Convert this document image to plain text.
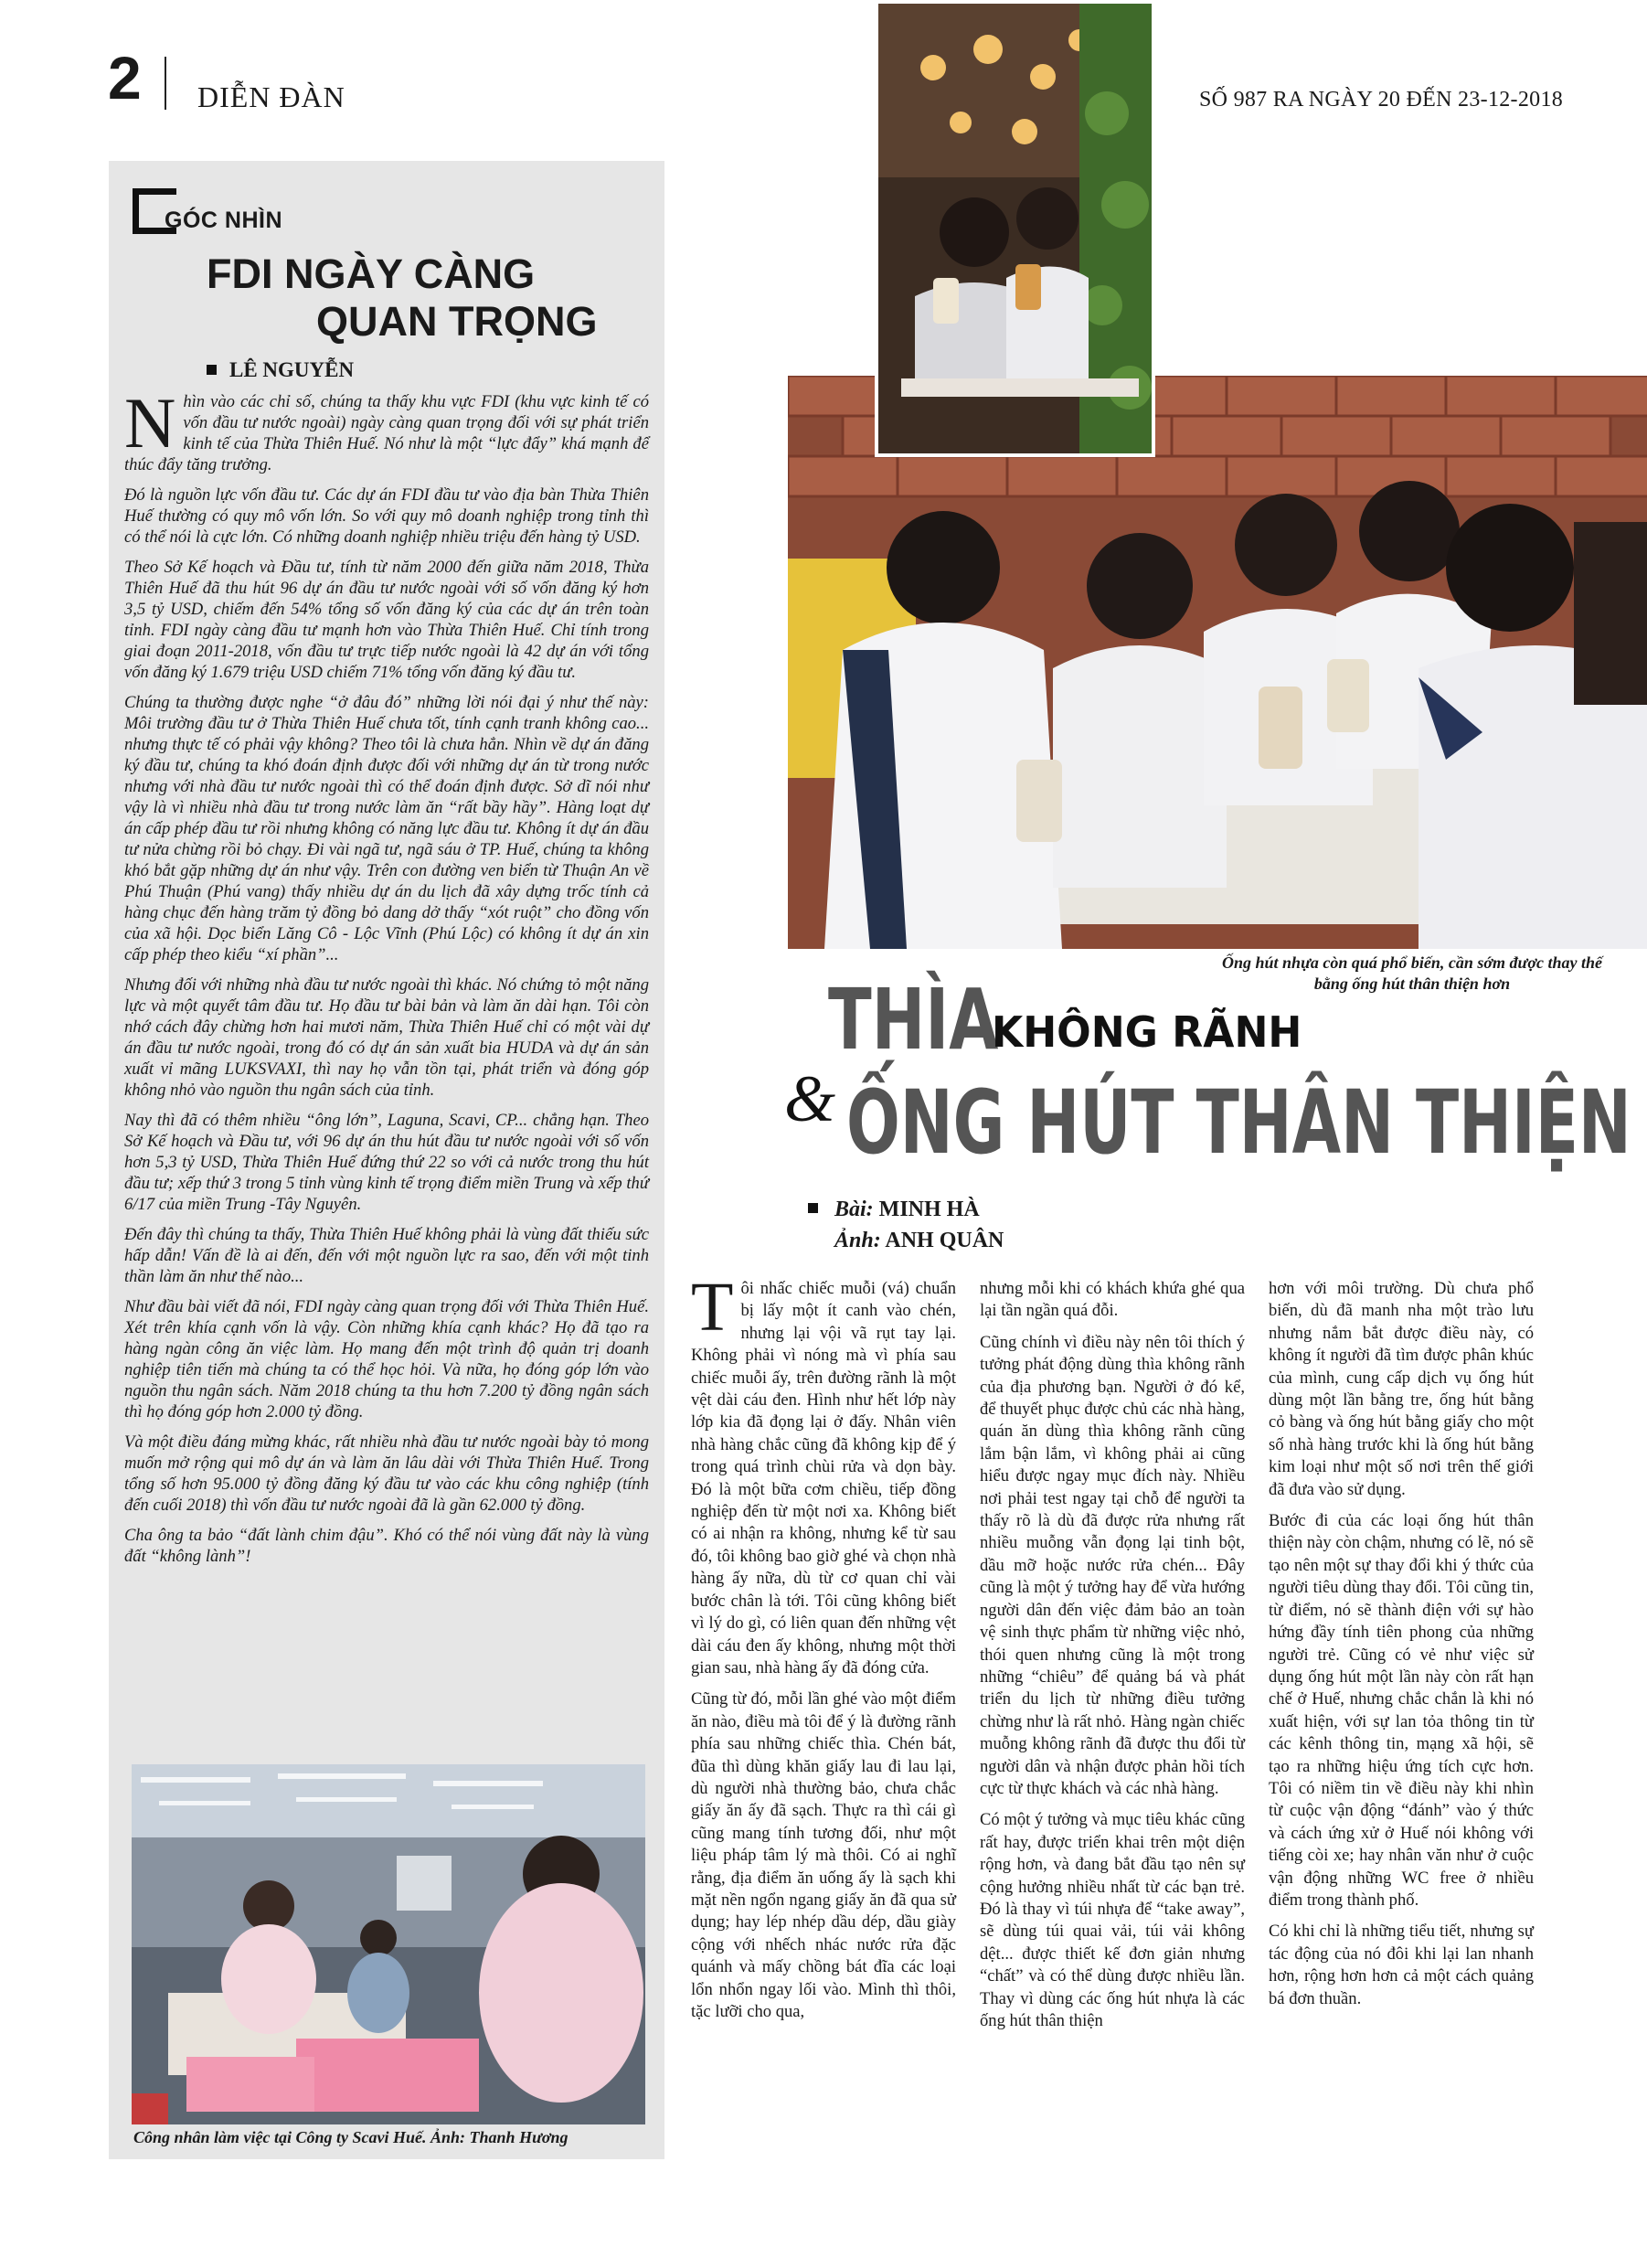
2 DIỄN ĐÀN	SỐ 987 RA NGÀY 20 ĐẾN 23-12-2018
GÓC NHÌN
FDI NGÀY CÀNG
QUAN TRỌNG
LÊ NGUYỄN

Nhìn vào các chỉ số, chúng ta thấy khu vực FDI (khu vực kinh tế có vốn đầu tư nước ngoài) ngày càng quan trọng đối với sự phát triển kinh tế của Thừa Thiên Huế. Nó như là một “lực đẩy” khá mạnh để thúc đẩy tăng trưởng.

Đó là nguồn lực vốn đầu tư. Các dự án FDI đầu tư vào địa bàn Thừa Thiên Huế thường có quy mô vốn lớn. So với quy mô doanh nghiệp trong tỉnh thì có thể nói là cực lớn. Có những doanh nghiệp nhiều triệu đến hàng tỷ USD.

Theo Sở Kế hoạch và Đầu tư, tính từ năm 2000 đến giữa năm 2018, Thừa Thiên Huế đã thu hút 96 dự án đầu tư nước ngoài với số vốn đăng ký hơn 3,5 tỷ USD, chiếm đến 54% tổng số vốn đăng ký của các dự án trên toàn tỉnh. FDI ngày càng đầu tư mạnh hơn vào Thừa Thiên Huế. Chỉ tính trong giai đoạn 2011-2018, vốn đầu tư trực tiếp nước ngoài là 42 dự án với tổng vốn đăng ký 1.679 triệu USD chiếm 71% tổng vốn đăng ký đầu tư.

Chúng ta thường được nghe “ở đâu đó” những lời nói đại ý như thế này: Môi trường đầu tư ở Thừa Thiên Huế chưa tốt, tính cạnh tranh không cao... nhưng thực tế có phải vậy không? Theo tôi là chưa hẳn. Nhìn về dự án đăng ký đầu tư, chúng ta khó đoán định được đối với những dự án từ trong nước nhưng với nhà đầu tư nước ngoài thì có thể đoán định được. Sở dĩ nói như vậy là vì nhiều nhà đầu tư trong nước làm ăn “rất bầy hầy”. Hàng loạt dự án cấp phép đầu tư rồi nhưng không có năng lực đầu tư. Không ít dự án đầu tư nửa chừng rồi bỏ chạy. Đi vài ngã tư, ngã sáu ở TP. Huế, chúng ta không khó bắt gặp những dự án như vậy. Trên con đường ven biển từ Thuận An về Phú Thuận (Phú vang) thấy nhiều dự án du lịch đã xây dựng trốc tính cả hàng chục đến hàng trăm tỷ đồng bỏ dang dở thấy “xót ruột” cho đồng vốn của xã hội. Dọc biển Lăng Cô - Lộc Vĩnh (Phú Lộc) có không ít dự án xin cấp phép theo kiểu “xí phần”...

Nhưng đối với những nhà đầu tư nước ngoài thì khác. Nó chứng tỏ một năng lực và một quyết tâm đầu tư. Họ đầu tư bài bản và làm ăn dài hạn. Tôi còn nhớ cách đây chừng hơn hai mươi năm, Thừa Thiên Huế chỉ có một vài dự án đầu tư nước ngoài, trong đó có dự án sản xuất bia HUDA và dự án sản xuất vỉ mãng LUKSVAXI, thì nay họ vẫn tồn tại, phát triển và đóng góp không nhỏ vào nguồn thu ngân sách của tỉnh.

Nay thì đã có thêm nhiều “ông lớn”, Laguna, Scavi, CP... chẳng hạn. Theo Sở Kế hoạch và Đầu tư, với 96 dự án thu hút đầu tư nước ngoài với số vốn hơn 5,3 tỷ USD, Thừa Thiên Huế đứng thứ 22 so với cả nước trong thu hút đầu tư; xếp thứ 3 trong 5 tỉnh vùng kinh tế trọng điểm miền Trung và xếp thứ 6/17 của miền Trung -Tây Nguyên.

Đến đây thì chúng ta thấy, Thừa Thiên Huế không phải là vùng đất thiếu sức hấp dẫn! Vấn đề là ai đến, đến với một nguồn lực ra sao, đến với một tinh thần làm ăn như thế nào...

Như đầu bài viết đã nói, FDI ngày càng quan trọng đối với Thừa Thiên Huế. Xét trên khía cạnh vốn là vậy. Còn những khía cạnh khác? Họ đã tạo ra hàng ngàn công ăn việc làm. Họ mang đến một trình độ quản trị doanh nghiệp tiên tiến mà chúng ta có thể học hỏi. Và nữa, họ đóng góp lớn vào nguồn thu ngân sách. Năm 2018 chúng ta thu hơn 7.200 tỷ đồng ngân sách thì họ đóng góp hơn 2.000 tỷ đồng.

Và một điều đáng mừng khác, rất nhiều nhà đầu tư nước ngoài bày tỏ mong muốn mở rộng qui mô dự án và làm ăn lâu dài với Thừa Thiên Huế. Trong tổng số hơn 95.000 tỷ đồng đăng ký đầu tư vào các khu công nghiệp (tính đến cuối 2018) thì vốn đầu tư nước ngoài đã là gần 62.000 tỷ đồng.

Cha ông ta bảo “đất lành chim đậu”. Khó có thể nói vùng đất này là vùng đất “không lành”!

Công nhân làm việc tại Công ty Scavi Huế. Ảnh: Thanh Hương
Ống hút nhựa còn quá phổ biến, cần sớm được thay thế bằng ống hút thân thiện hơn
THÌA
KHÔNG RÃNH
& ỐNG HÚT THÂN THIỆN
Bài: MINH HÀ
Ảnh: ANH QUÂN

Tôi nhấc chiếc muỗi (vá) chuẩn bị lấy một ít canh vào chén, nhưng lại vội vã rụt tay lại. Không phải vì nóng mà vì phía sau chiếc muỗi ấy, trên đường rãnh là một vệt dài cáu đen. Hình như hết lớp này lớp kia đã đọng lại ở đấy. Nhân viên nhà hàng chắc cũng đã không kịp để ý trong quá trình chùi rửa và dọn bày. Đó là một bữa cơm chiều, tiếp đồng nghiệp đến từ một nơi xa. Không biết có ai nhận ra không, nhưng kể từ sau đó, tôi không bao giờ ghé và chọn nhà hàng ấy nữa, dù từ cơ quan chỉ vài bước chân là tới. Tôi cũng không biết vì lý do gì, có liên quan đến những vệt dài cáu đen ấy không, nhưng một thời gian sau, nhà hàng ấy đã đóng cửa.

Cũng từ đó, mỗi lần ghé vào một điểm ăn nào, điều mà tôi để ý là đường rãnh phía sau những chiếc thìa. Chén bát, đũa thì dùng khăn giấy lau đi lau lại, dù người nhà thường bảo, chưa chắc giấy ăn ấy đã sạch. Thực ra thì cái gì cũng mang tính tương đối, như một liệu pháp tâm lý mà thôi. Có ai nghĩ rằng, địa điểm ăn uống ấy là sạch khi mặt nền ngổn ngang giấy ăn đã qua sử dụng; hay lép nhép dầu dép, dầu giày cộng với nhếch nhác nước rửa đặc quánh và mấy chồng bát đĩa các loại lổn nhổn ngay lối vào. Mình thì thôi, tặc lưỡi cho qua,

nhưng mỗi khi có khách khứa ghé qua lại tần ngần quá đỗi.

Cũng chính vì điều này nên tôi thích ý tưởng phát động dùng thìa không rãnh của địa phương bạn. Người ở đó kể, để thuyết phục được chủ các nhà hàng, quán ăn dùng thìa không rãnh cũng lắm bận lắm, vì không phải ai cũng hiểu được ngay mục đích này. Nhiều nơi phải test ngay tại chỗ để người ta thấy rõ là dù đã được rửa nhưng rất nhiều muỗng vẫn đọng lại tinh bột, dầu mỡ hoặc nước rửa chén... Đây cũng là một ý tưởng hay để vừa hướng người dân đến việc đảm bảo an toàn vệ sinh thực phẩm từ những việc nhỏ, thói quen nhưng cũng là một trong những “chiêu” để quảng bá và phát triển du lịch từ những điều tưởng chừng như là rất nhỏ. Hàng ngàn chiếc muỗng không rãnh đã được thu đổi từ người dân và nhận được phản hồi tích cực từ thực khách và các nhà hàng.

Có một ý tưởng và mục tiêu khác cũng rất hay, được triển khai trên một diện rộng hơn, và đang bắt đầu tạo nên sự cộng hưởng nhiều nhất từ các bạn trẻ. Đó là thay vì túi nhựa để “take away”, sẽ dùng túi quai vải, túi vải không dệt... được thiết kế đơn giản nhưng “chất” và có thể dùng được nhiều lần. Thay vì dùng các ống hút nhựa là các ống hút thân thiện

hơn với môi trường. Dù chưa phổ biến, dù đã manh nha một trào lưu nhưng nắm bắt được điều này, có không ít người đã tìm được phân khúc của mình, cung cấp dịch vụ ống hút dùng một lần bằng tre, ống hút bằng cỏ bàng và ống hút bằng giấy cho một số nhà hàng trước khi là ống hút bằng kim loại như một số nơi trên thế giới đã đưa vào sử dụng.

Bước đi của các loại ống hút thân thiện này còn chậm, nhưng có lẽ, nó sẽ tạo nên một sự thay đổi khi ý thức của người tiêu dùng thay đổi. Tôi cũng tin, từ điểm, nó sẽ thành điện với sự hào hứng đầy tính tiên phong của những người trẻ. Cũng có vẻ như việc sử dụng ống hút một lần này còn rất hạn chế ở Huế, nhưng chắc chắn là khi nó xuất hiện, với sự lan tỏa thông tin từ các kênh thông tin, mạng xã hội, sẽ tạo ra những hiệu ứng tích cực hơn. Tôi có niềm tin về điều này khi nhìn từ cuộc vận động “đánh” vào ý thức và cách ứng xử ở Huế nói không với tiếng còi xe; hay nhân văn như ở cuộc vận động những WC free ở nhiều điểm trong thành phố.

Có khi chỉ là những tiểu tiết, nhưng sự tác động của nó đôi khi lại lan nhanh hơn, rộng hơn hơn cả một cách quảng bá đơn thuần.
